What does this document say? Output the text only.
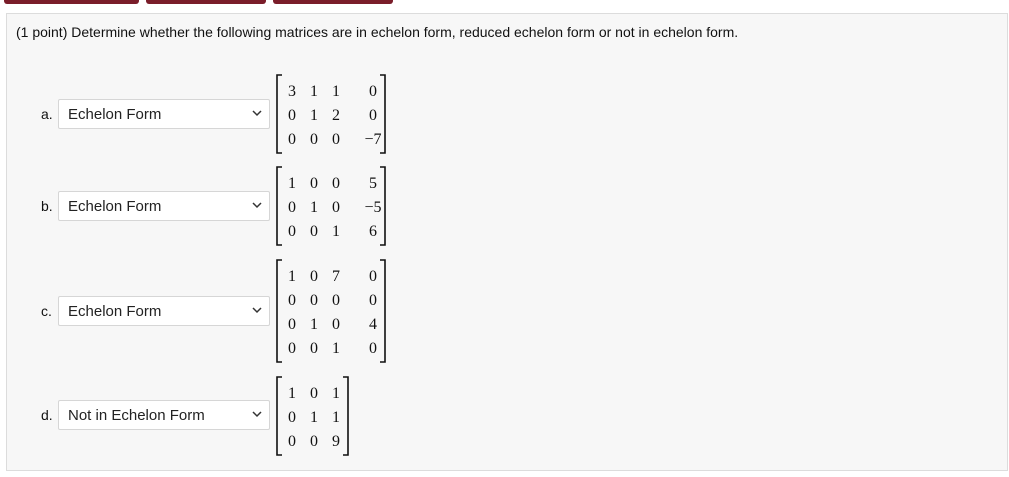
(1 point) Determine whether the following matrices are in echelon form, reduced echelon form or not in echelon form.
a. Echelon Form
3 1 1 0
0 1 2 0
0 0 0 −7
b. Echelon Form
1 0 0 5
0 1 0 −5
0 0 1 6
c. Echelon Form
1 0 7 0
0 0 0 0
0 1 0 4
0 0 1 0
d. Not in Echelon Form
1 0 1
0 1 1
0 0 9
